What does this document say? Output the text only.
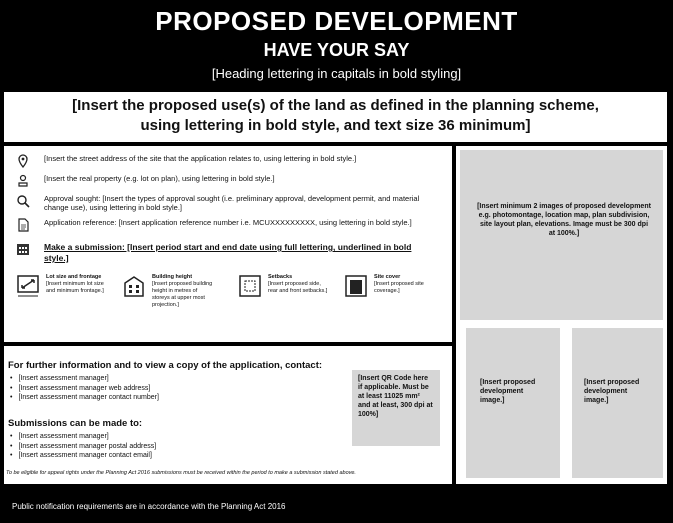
PROPOSED DEVELOPMENT
HAVE YOUR SAY
[Heading lettering in capitals in bold styling]
[Insert the proposed use(s) of the land as defined in the planning scheme,
using lettering in bold style, and text size 36 minimum]
[Insert the street address of the site that the application relates to, using lettering in bold style.]
[Insert the real property (e.g. lot on plan), using lettering in bold style.]
Approval sought: [Insert the types of approval sought (i.e. preliminary approval, development permit, and material change use), using lettering in bold style.]
Application reference: [Insert application reference number i.e. MCUXXXXXXXXX, using lettering in bold style.]
Make a submission: [Insert period start and end date using full lettering, underlined in bold style.]
Lot size and frontage
[Insert minimum lot size and minimum frontage.]
Building height
[Insert proposed building height in metres of storeys at upper most projection.]
Setbacks
[Insert proposed side, rear and front setbacks.]
Site cover
[Insert proposed site coverage.]
For further information and to view a copy of the application, contact:
• [Insert assessment manager]
• [Insert assessment manager web address]
• [Insert assessment manager contact number]
Submissions can be made to:
• [Insert assessment manager]
• [Insert assessment manager postal address]
• [Insert assessment manager contact email]
[Insert QR Code here if applicable. Must be at least 11025 mm² and at least, 300 dpi at 100%]
To be eligible for appeal rights under the Planning Act 2016 submissions must be received within the period to make a submission stated above.
[Insert minimum 2 images of proposed development e.g. photomontage, location map, plan subdivision, site layout plan, elevations. Image must be 300 dpi at 100%.]
[Insert proposed development image.]
[Insert proposed development image.]
Public notification requirements are in accordance with the Planning Act 2016
